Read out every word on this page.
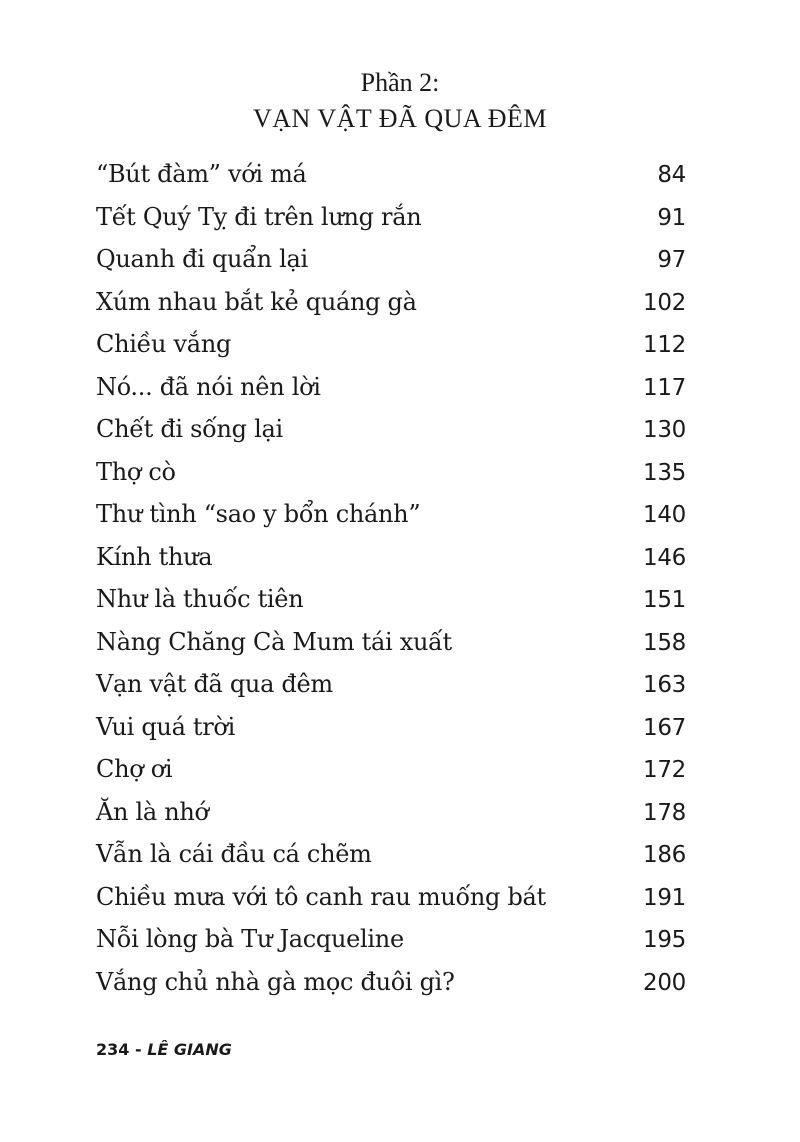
Phần 2:
VẠN VẬT ĐÃ QUA ĐÊM
“Bút đàm” với má	84
Tết Quý Tỵ đi trên lưng rắn	91
Quanh đi quẩn lại	97
Xúm nhau bắt kẻ quáng gà	102
Chiều vắng	112
Nó... đã nói nên lời	117
Chết đi sống lại	130
Thợ cò	135
Thư tình “sao y bổn chánh”	140
Kính thưa	146
Như là thuốc tiên	151
Nàng Chăng Cà Mum tái xuất	158
Vạn vật đã qua đêm	163
Vui quá trời	167
Chợ ơi	172
Ăn là nhớ	178
Vẫn là cái đầu cá chẽm	186
Chiều mưa với tô canh rau muống bát	191
Nỗi lòng bà Tư Jacqueline	195
Vắng chủ nhà gà mọc đuôi gì?	200
234 - LÊ GIANG
